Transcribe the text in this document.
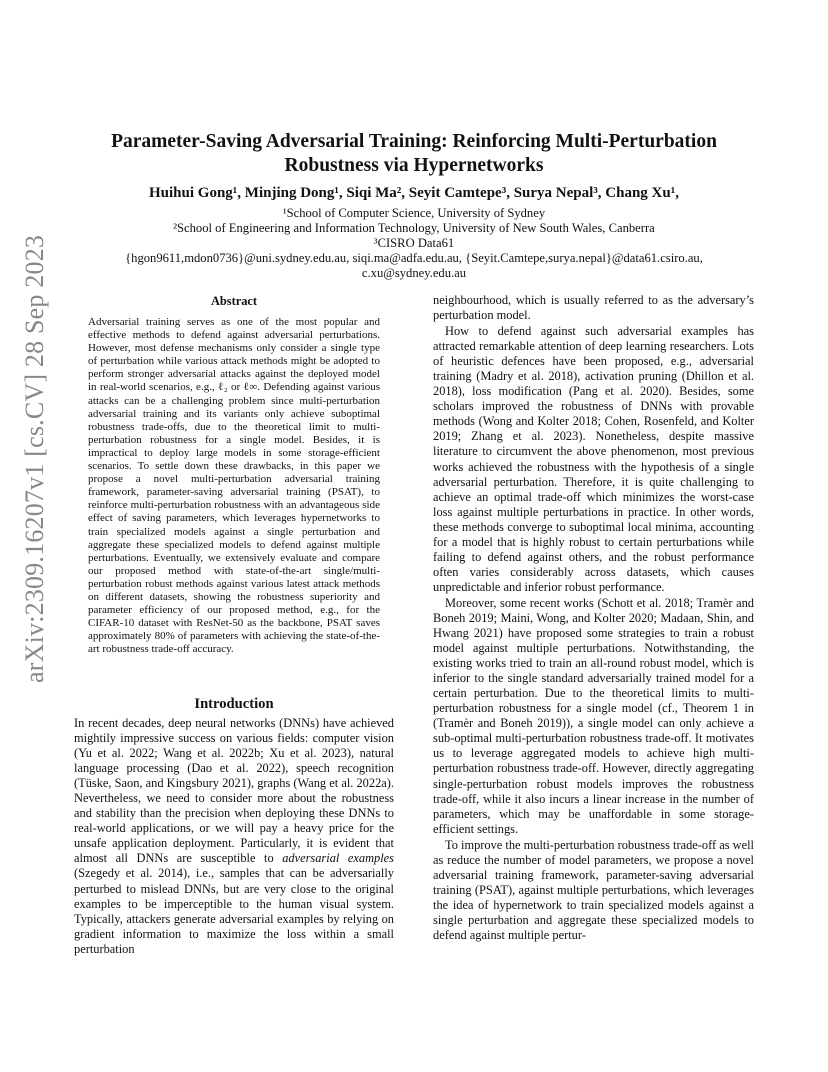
arXiv:2309.16207v1 [cs.CV] 28 Sep 2023
Parameter-Saving Adversarial Training: Reinforcing Multi-Perturbation
Robustness via Hypernetworks
Huihui Gong¹, Minjing Dong¹, Siqi Ma², Seyit Camtepe³, Surya Nepal³, Chang Xu¹,
¹School of Computer Science, University of Sydney
²School of Engineering and Information Technology, University of New South Wales, Canberra
³CISRO Data61
{hgon9611,mdon0736}@uni.sydney.edu.au, siqi.ma@adfa.edu.au, {Seyit.Camtepe,surya.nepal}@data61.csiro.au,
c.xu@sydney.edu.au
Abstract

Adversarial training serves as one of the most popular and effective methods to defend against adversarial perturbations. However, most defense mechanisms only consider a single type of perturbation while various attack methods might be adopted to perform stronger adversarial attacks against the deployed model in real-world scenarios, e.g., ℓ₂ or ℓ∞. Defending against various attacks can be a challenging problem since multi-perturbation adversarial training and its variants only achieve suboptimal robustness trade-offs, due to the theoretical limit to multi-perturbation robustness for a single model. Besides, it is impractical to deploy large models in some storage-efficient scenarios. To settle down these drawbacks, in this paper we propose a novel multi-perturbation adversarial training framework, parameter-saving adversarial training (PSAT), to reinforce multi-perturbation robustness with an advantageous side effect of saving parameters, which leverages hypernetworks to train specialized models against a single perturbation and aggregate these specialized models to defend against multiple perturbations. Eventually, we extensively evaluate and compare our proposed method with state-of-the-art single/multi-perturbation robust methods against various latest attack methods on different datasets, showing the robustness superiority and parameter efficiency of our proposed method, e.g., for the CIFAR-10 dataset with ResNet-50 as the backbone, PSAT saves approximately 80% of parameters with achieving the state-of-the-art robustness trade-off accuracy.

Introduction

In recent decades, deep neural networks (DNNs) have achieved mightily impressive success on various fields: computer vision (Yu et al. 2022; Wang et al. 2022b; Xu et al. 2023), natural language processing (Dao et al. 2022), speech recognition (Tüske, Saon, and Kingsbury 2021), graphs (Wang et al. 2022a). Nevertheless, we need to consider more about the robustness and stability than the precision when deploying these DNNs to real-world applications, or we will pay a heavy price for the unsafe application deployment. Particularly, it is evident that almost all DNNs are susceptible to adversarial examples (Szegedy et al. 2014), i.e., samples that can be adversarially perturbed to mislead DNNs, but are very close to the original examples to be imperceptible to the human visual system. Typically, attackers generate adversarial examples by relying on gradient information to maximize the loss within a small perturbation

neighbourhood, which is usually referred to as the adversary’s perturbation model.

How to defend against such adversarial examples has attracted remarkable attention of deep learning researchers. Lots of heuristic defences have been proposed, e.g., adversarial training (Madry et al. 2018), activation pruning (Dhillon et al. 2018), loss modification (Pang et al. 2020). Besides, some scholars improved the robustness of DNNs with provable methods (Wong and Kolter 2018; Cohen, Rosenfeld, and Kolter 2019; Zhang et al. 2023). Nonetheless, despite massive literature to circumvent the above phenomenon, most previous works achieved the robustness with the hypothesis of a single adversarial perturbation. Therefore, it is quite challenging to achieve an optimal trade-off which minimizes the worst-case loss against multiple perturbations in practice. In other words, these methods converge to suboptimal local minima, accounting for a model that is highly robust to certain perturbations while failing to defend against others, and the robust performance often varies considerably across datasets, which causes unpredictable and inferior robust performance.

Moreover, some recent works (Schott et al. 2018; Tramèr and Boneh 2019; Maini, Wong, and Kolter 2020; Madaan, Shin, and Hwang 2021) have proposed some strategies to train a robust model against multiple perturbations. Notwithstanding, the existing works tried to train an all-round robust model, which is inferior to the single standard adversarially trained model for a certain perturbation. Due to the theoretical limits to multi-perturbation robustness for a single model (cf., Theorem 1 in (Tramèr and Boneh 2019)), a single model can only achieve a sub-optimal multi-perturbation robustness trade-off. It motivates us to leverage aggregated models to achieve high multi-perturbation robustness trade-off. However, directly aggregating single-perturbation robust models improves the robustness trade-off, while it also incurs a linear increase in the number of parameters, which may be unaffordable in some storage-efficient settings.

To improve the multi-perturbation robustness trade-off as well as reduce the number of model parameters, we propose a novel adversarial training framework, parameter-saving adversarial training (PSAT), against multiple perturbations, which leverages the idea of hypernetwork to train specialized models against a single perturbation and aggregate these specialized models to defend against multiple pertur-
